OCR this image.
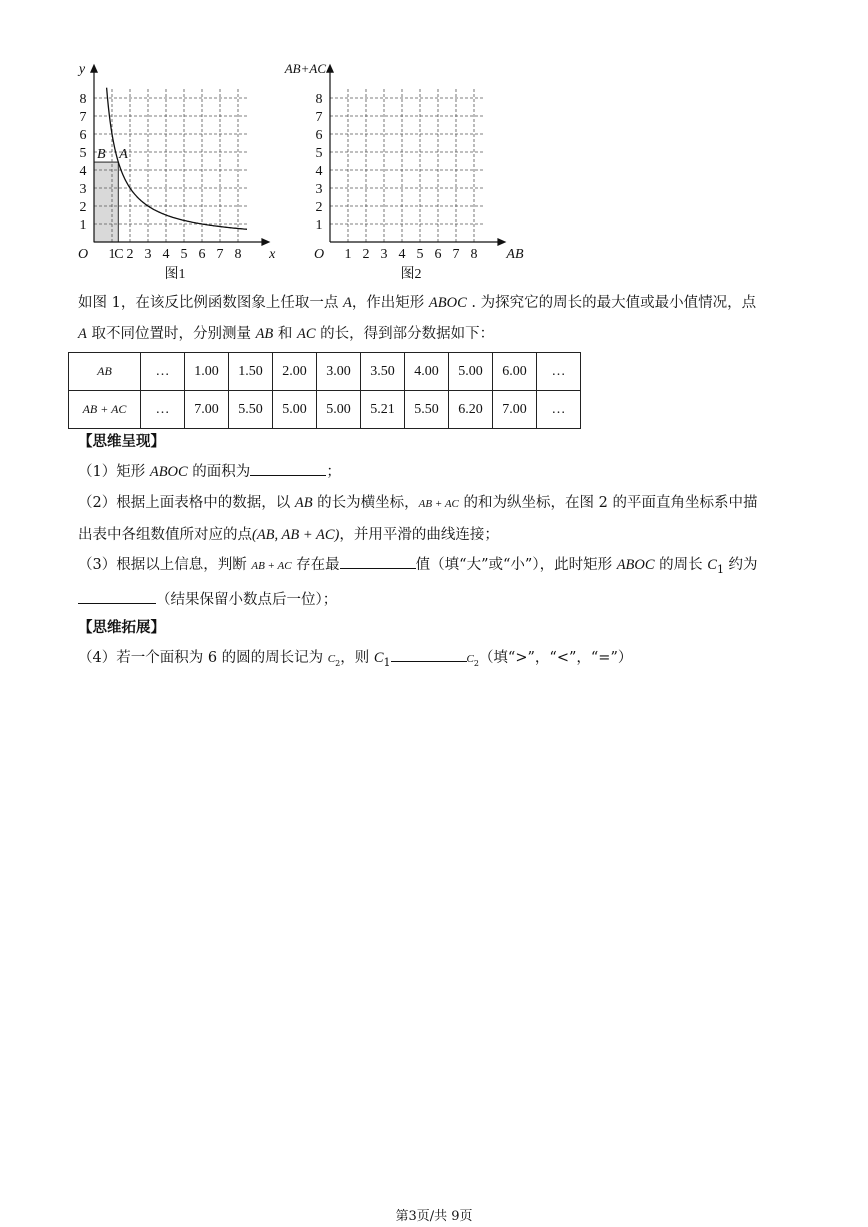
1
2
3
4
5
6
7
8
1 2 3 4 5 6 7 8
O
y
x
B A
C
图1
1
2
3
4
5
6
7
8
1 2 3 4 5 6 7 8
O
AB+AC
AB
图2
如图 1，在该反比例函数图象上任取一点 A，作出矩形 ABOC . 为探究它的周长的最大值或最小值情况，点
A 取不同位置时，分别测量 AB 和 AC 的长，得到部分数据如下：
AB	…	1.00	1.50	2.00	3.00	3.50	4.00	5.00	6.00	…
AB + AC	…	7.00	5.50	5.00	5.00	5.21	5.50	6.20	7.00	…
【思维呈现】
（1）矩形 ABOC 的面积为	；
（2）根据上面表格中的数据，以 AB 的长为横坐标，AB + AC 的和为纵坐标，在图 2 的平面直角坐标系中描
出表中各组数值所对应的点(AB, AB + AC)，并用平滑的曲线连接；
（3）根据以上信息，判断 AB + AC 存在最	值（填“大”或“小”），此时矩形 ABOC 的周长 $C_1$ 约为
（结果保留小数点后一位）；
【思维拓展】
（4）若一个面积为 6 的圆的周长记为 $C_2$，则 $C_1$	$C_2$（填“>”，“<”，“=”）
第3页/共 9页
